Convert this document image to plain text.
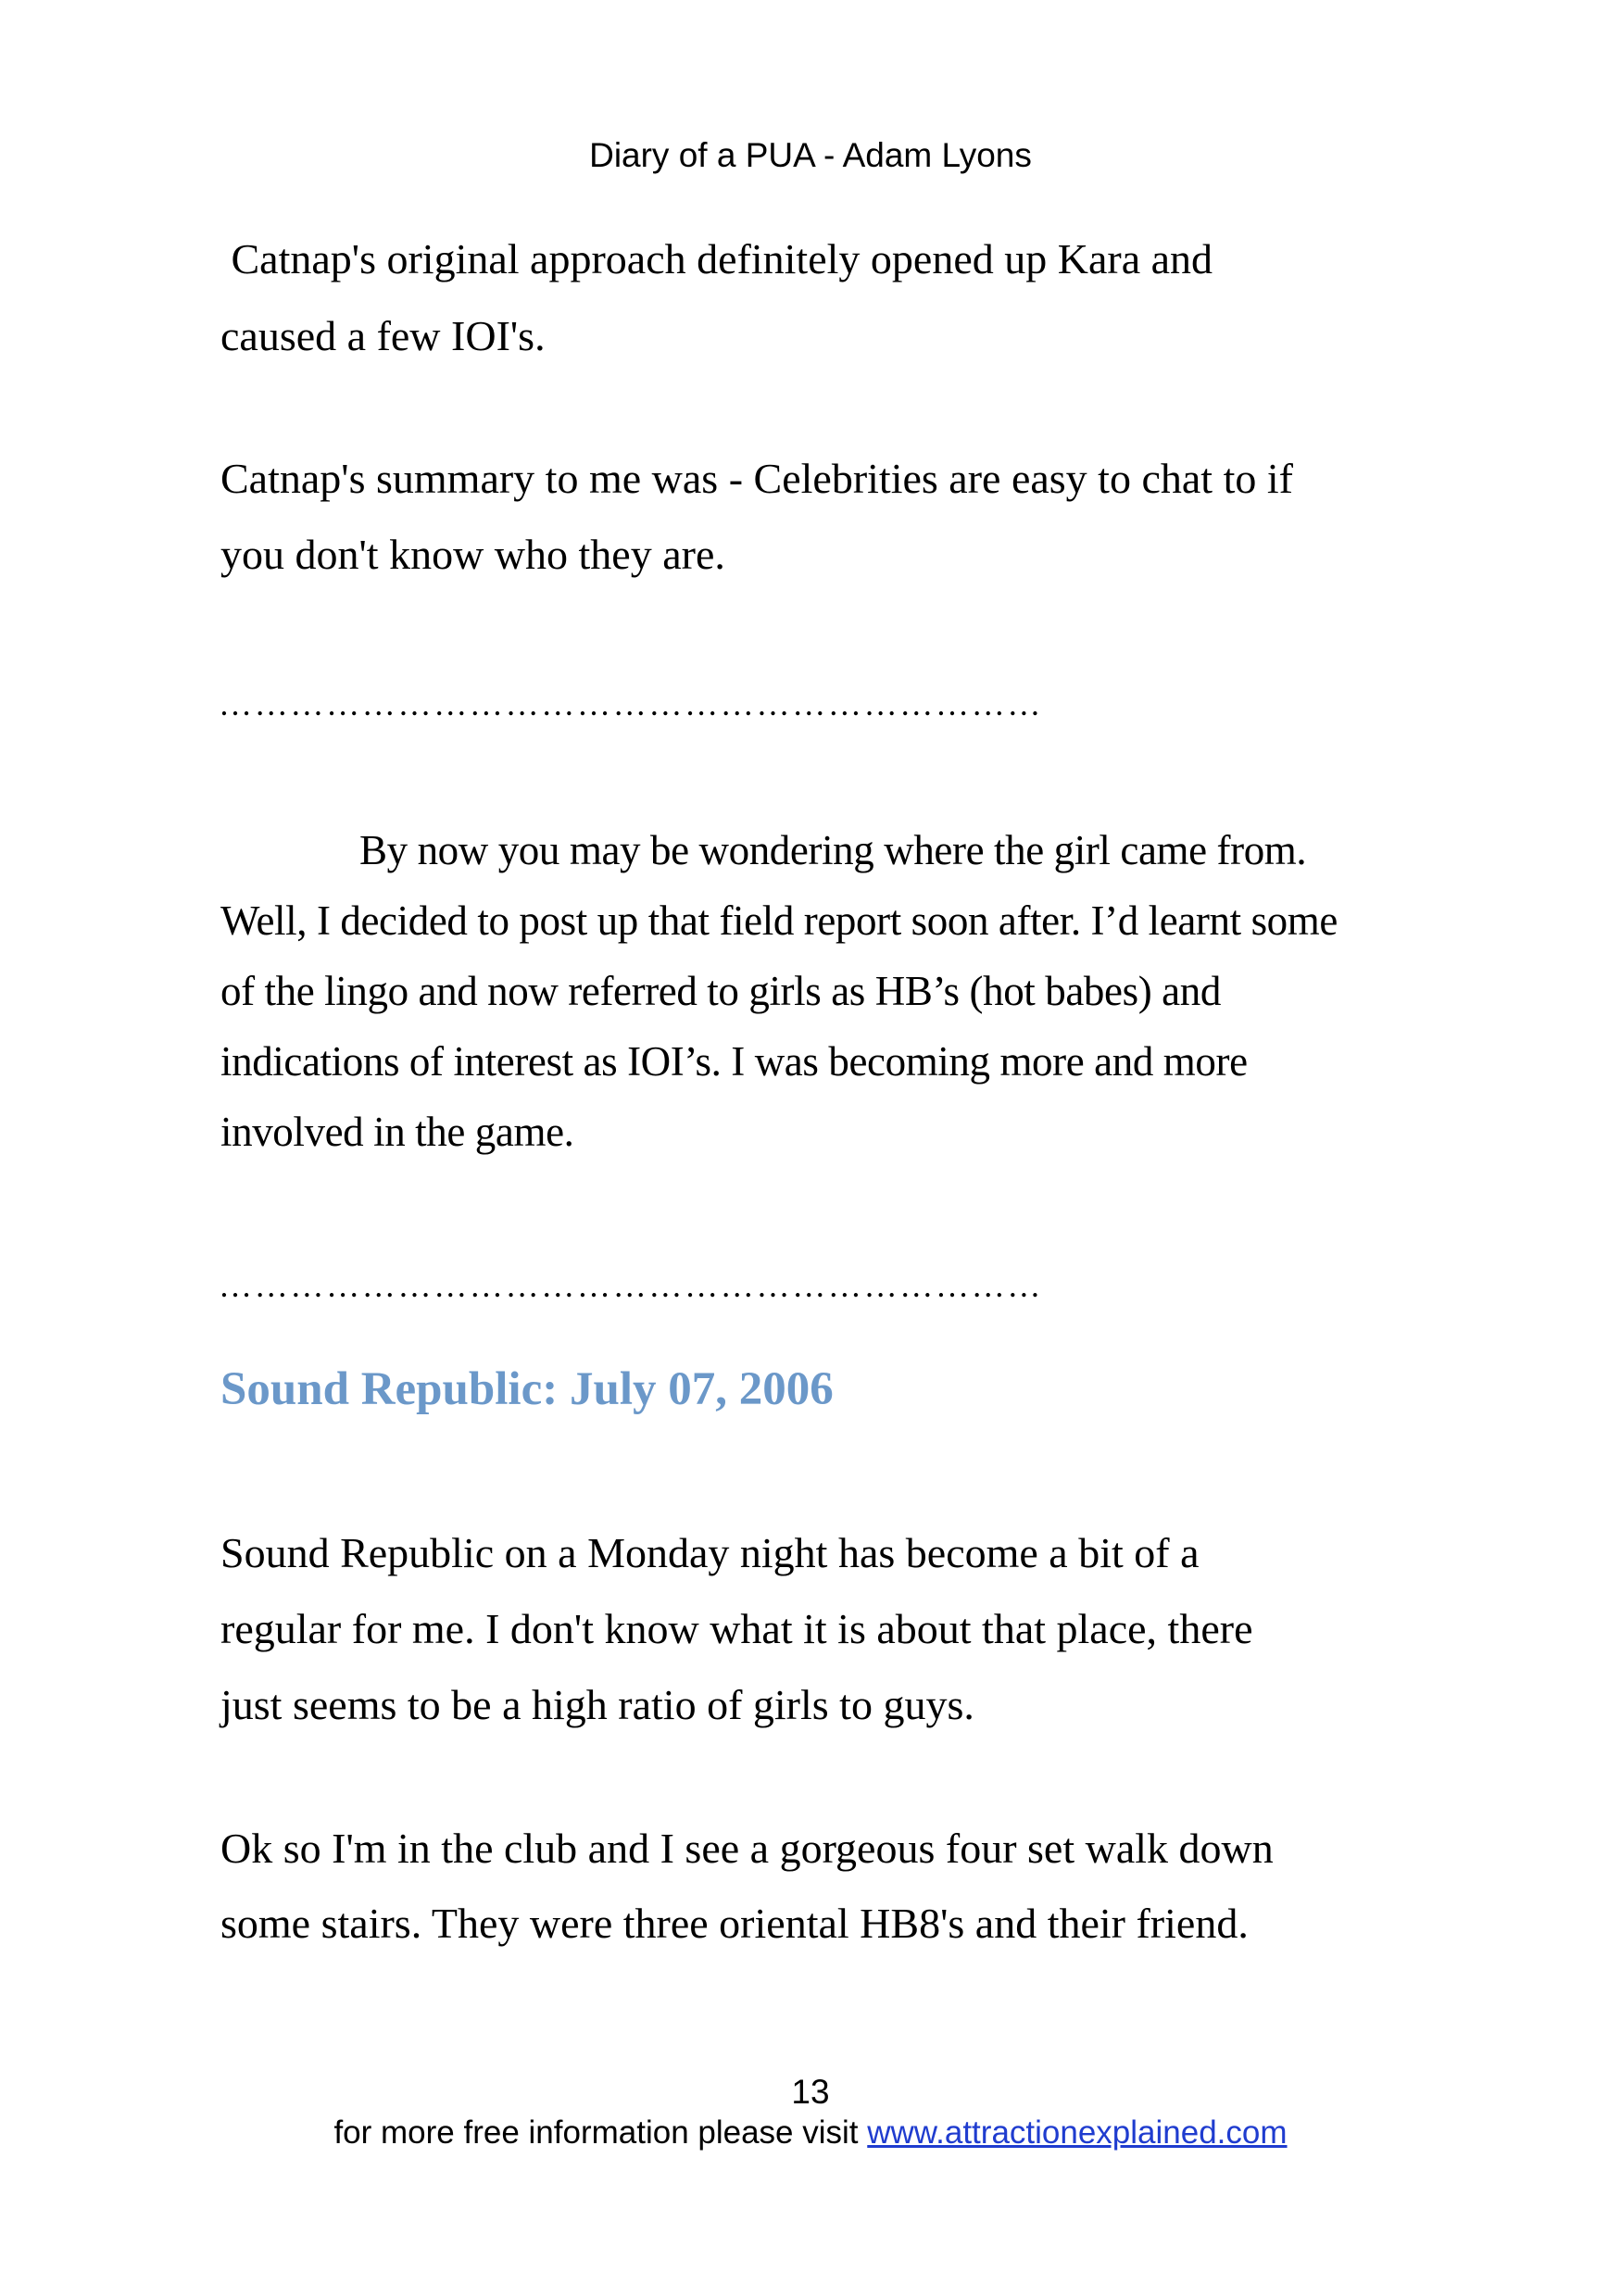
Diary of a PUA - Adam Lyons

Catnap's original approach definitely opened up Kara and
caused a few IOI's.

Catnap's summary to me was - Celebrities are easy to chat to if
you don't know who they are.

……………………………………………………………

By now you may be wondering where the girl came from.
Well, I decided to post up that field report soon after. I’d learnt some
of the lingo and now referred to girls as HB’s (hot babes) and
indications of interest as IOI’s. I was becoming more and more
involved in the game.

……………………………………………………………
Sound Republic: July 07, 2006

Sound Republic on a Monday night has become a bit of a
regular for me. I don't know what it is about that place, there
just seems to be a high ratio of girls to guys.

Ok so I'm in the club and I see a gorgeous four set walk down
some stairs. They were three oriental HB8's and their friend.

13
for more free information please visit www.attractionexplained.com
